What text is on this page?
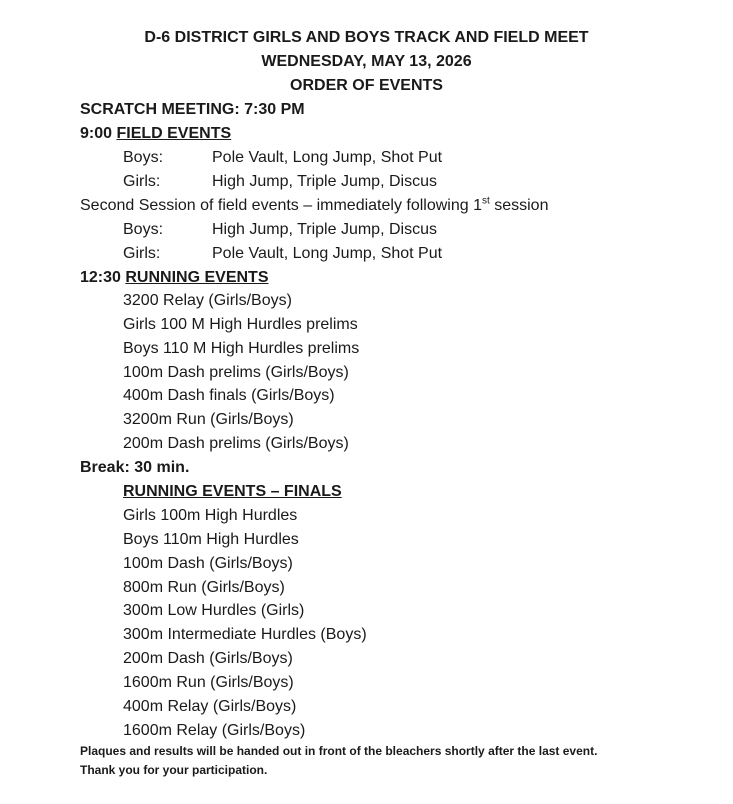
D-6 DISTRICT GIRLS AND BOYS TRACK AND FIELD MEET
WEDNESDAY, MAY 13, 2026
ORDER OF EVENTS
SCRATCH MEETING: 7:30 PM
9:00 FIELD EVENTS
Boys:	Pole Vault, Long Jump, Shot Put
Girls:	High Jump, Triple Jump, Discus
Second Session of field events – immediately following 1st session
Boys:	High Jump, Triple Jump, Discus
Girls:	Pole Vault, Long Jump, Shot Put
12:30 RUNNING EVENTS
3200 Relay (Girls/Boys)
Girls 100 M High Hurdles prelims
Boys 110 M High Hurdles prelims
100m Dash prelims (Girls/Boys)
400m Dash finals (Girls/Boys)
3200m Run (Girls/Boys)
200m Dash prelims (Girls/Boys)
Break: 30 min.
RUNNING EVENTS – FINALS
Girls 100m High Hurdles
Boys 110m High Hurdles
100m Dash (Girls/Boys)
800m Run (Girls/Boys)
300m Low Hurdles (Girls)
300m Intermediate Hurdles (Boys)
200m Dash (Girls/Boys)
1600m Run (Girls/Boys)
400m Relay (Girls/Boys)
1600m Relay (Girls/Boys)
Plaques and results will be handed out in front of the bleachers shortly after the last event.
Thank you for your participation.
